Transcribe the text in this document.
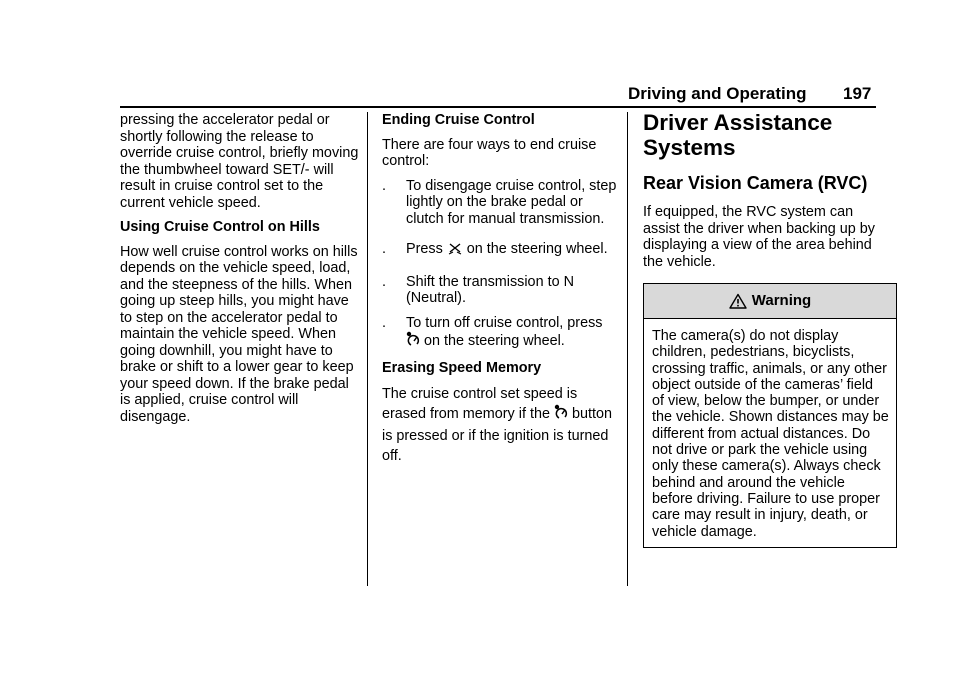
Driving and Operating 197

pressing the accelerator pedal or shortly following the release to override cruise control, briefly moving the thumbwheel toward SET/- will result in cruise control set to the current vehicle speed.

Using Cruise Control on Hills

How well cruise control works on hills depends on the vehicle speed, load, and the steepness of the hills. When going up steep hills, you might have to step on the accelerator pedal to maintain the vehicle speed. When going downhill, you might have to brake or shift to a lower gear to keep your speed down. If the brake pedal is applied, cruise control will disengage.

Ending Cruise Control

There are four ways to end cruise control:

. To disengage cruise control, step lightly on the brake pedal or clutch for manual transmission.
. Press on the steering wheel.
. Shift the transmission to N (Neutral).
. To turn off cruise control, press  on the steering wheel.

Erasing Speed Memory

The cruise control set speed is erased from memory if the button is pressed or if the ignition is turned off.

Driver Assistance Systems
Rear Vision Camera (RVC)

If equipped, the RVC system can assist the driver when backing up by displaying a view of the area behind the vehicle.

Warning
The camera(s) do not display children, pedestrians, bicyclists, crossing traffic, animals, or any other object outside of the cameras’ field of view, below the bumper, or under the vehicle. Shown distances may be different from actual distances. Do not drive or park the vehicle using only these camera(s). Always check behind and around the vehicle before driving. Failure to use proper care may result in injury, death, or vehicle damage.
